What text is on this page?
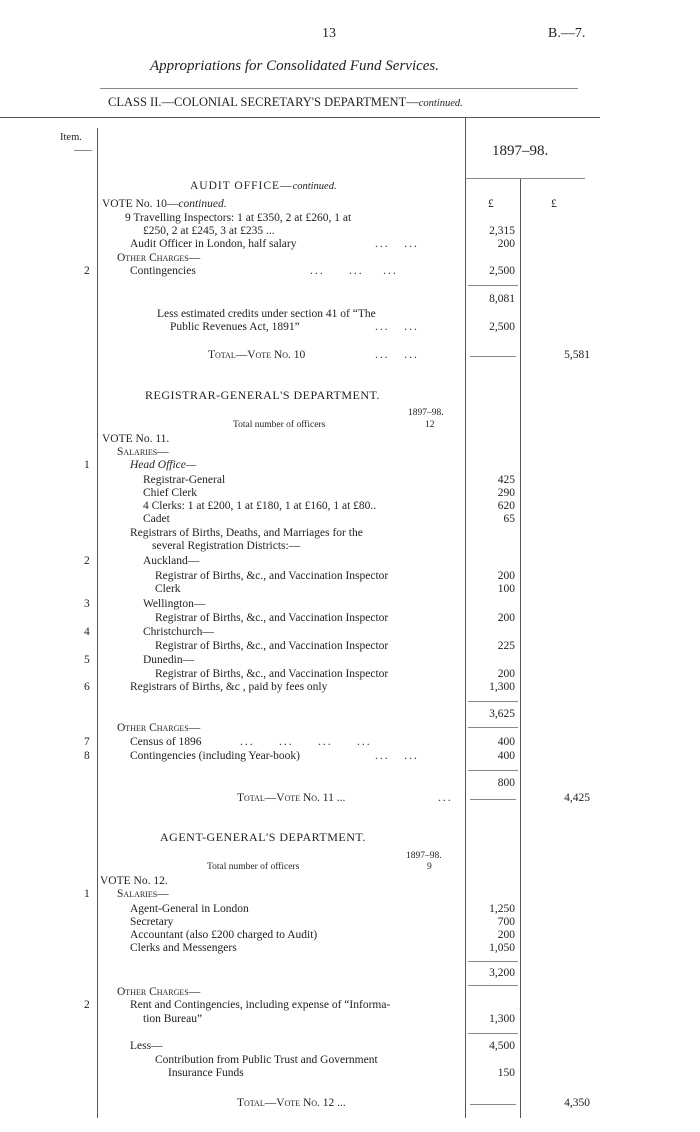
13	B.—7.
Appropriations for Consolidated Fund Services.
CLASS II.—COLONIAL SECRETARY'S DEPARTMENT—continued.
Item.
1897–98.
AUDIT OFFICE—continued.
VOTE No. 10—continued.	£	£
9 Travelling Inspectors: 1 at £350, 2 at £260, 1 at
£250, 2 at £245, 3 at £235 ...	2,315
Audit Officer in London, half salary	...   ...	200
Other Charges—
2	Contingencies	...     ...    ...	2,500
8,081
Less estimated credits under section 41 of “The
Public Revenues Act, 1891”	...   ...	2,500
Total—Vote No. 10	...   ...	5,581
REGISTRAR-GENERAL'S DEPARTMENT.
1897–98.
Total number of officers	12
VOTE No. 11.
Salaries—
1	Head Office—
Registrar-General	425
Chief Clerk	290
4 Clerks: 1 at £200, 1 at £180, 1 at £160, 1 at £80..	620
Cadet	65
Registrars of Births, Deaths, and Marriages for the
several Registration Districts:—
2	Auckland—
Registrar of Births, &c., and Vaccination Inspector	200
Clerk	100
3	Wellington—
Registrar of Births, &c., and Vaccination Inspector	200
4	Christchurch—
Registrar of Births, &c., and Vaccination Inspector	225
5	Dunedin—
Registrar of Births, &c., and Vaccination Inspector	200
6	Registrars of Births, &c , paid by fees only	1,300
3,625
Other Charges—
7	Census of 1896	...     ...     ...     ...	400
8	Contingencies (including Year-book)	...   ...	400
800
Total—Vote No. 11 ...	...	4,425
AGENT-GENERAL'S DEPARTMENT.
1897–98.
Total number of officers	9
VOTE No. 12.
1 Salaries—
Agent-General in London	1,250
Secretary	700
Accountant (also £200 charged to Audit)	200
Clerks and Messengers	1,050
3,200
Other Charges—
2	Rent and Contingencies, including expense of “Informa-
tion Bureau”	1,300
Less—	4,500
Contribution from Public Trust and Government
Insurance Funds	150
Total—Vote No. 12 ...	4,350
